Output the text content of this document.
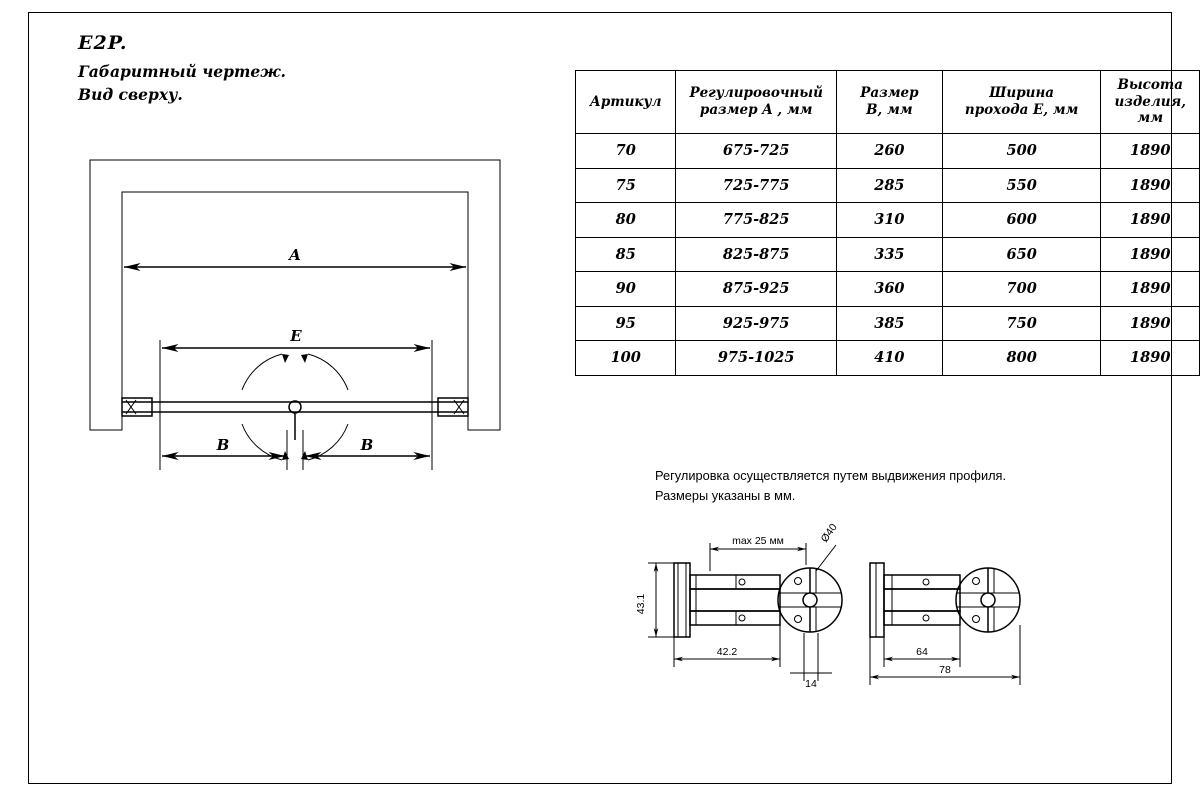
E2P.
Габаритный чертеж.
Вид сверху.
A
E
B	B
Артикул

Регулировочный
размер A , мм

Размер
B, мм

Ширина
прохода E, мм

Высота
изделия,
мм

70	675-725	260	500	1890
75	725-775	285	550	1890
80	775-825	310	600	1890
85	825-875	335	650	1890
90	875-925	360	700	1890
95	925-975	385	750	1890
100	975-1025	410	800	1890
Регулировка осуществляется путем выдвижения профиля.
Размеры указаны в мм.
Ø40
max 25 мм
43.1
42.2
14
64
78
